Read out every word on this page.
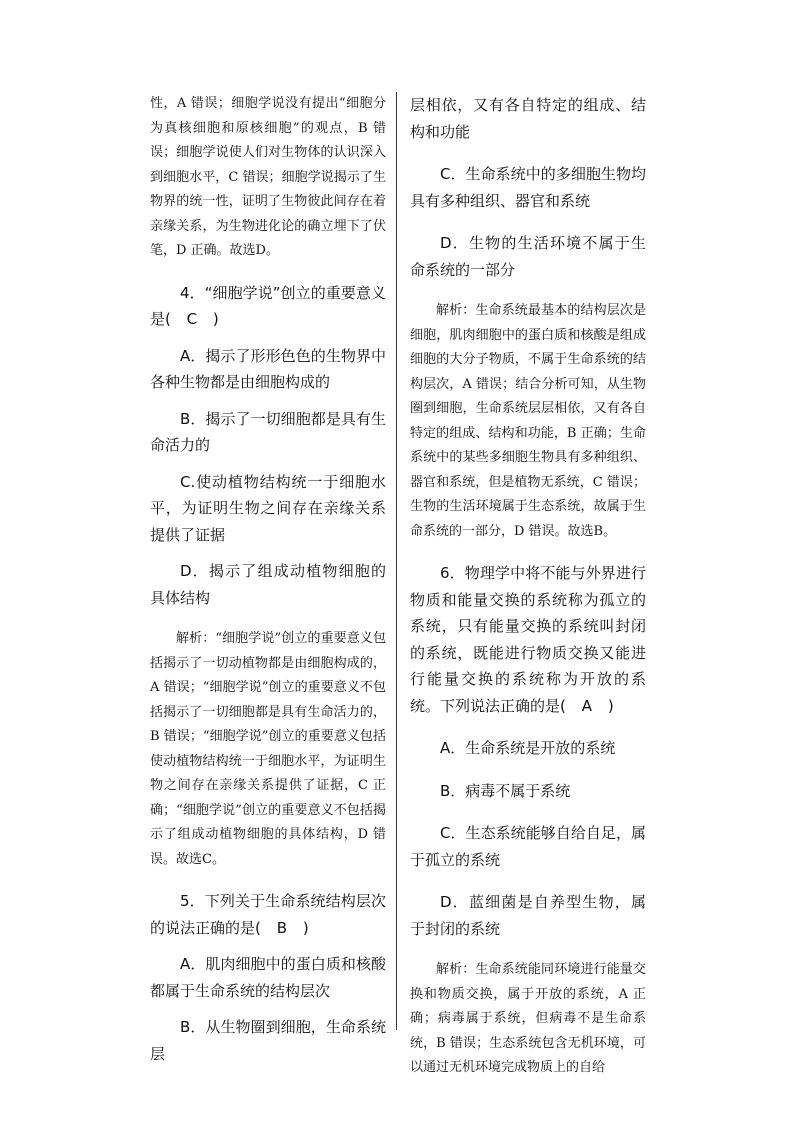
性，A 错误；细胞学说没有提出“细胞分为真核细胞和原核细胞”的观点，B 错误；细胞学说使人们对生物体的认识深入到细胞水平，C 错误；细胞学说揭示了生物界的统一性，证明了生物彼此间存在着亲缘关系，为生物进化论的确立埋下了伏笔，D 正确。故选D。

4．“细胞学说”创立的重要意义是( C )

A．揭示了形形色色的生物界中各种生物都是由细胞构成的

B．揭示了一切细胞都是具有生命活力的

C.使动植物结构统一于细胞水平，为证明生物之间存在亲缘关系提供了证据

D．揭示了组成动植物细胞的具体结构

解析：“细胞学说”创立的重要意义包括揭示了一切动植物都是由细胞构成的，A 错误；“细胞学说”创立的重要意义不包括揭示了一切细胞都是具有生命活力的，B 错误；“细胞学说”创立的重要意义包括使动植物结构统一于细胞水平，为证明生物之间存在亲缘关系提供了证据，C 正确；“细胞学说”创立的重要意义不包括揭示了组成动植物细胞的具体结构，D 错误。故选C。

5．下列关于生命系统结构层次的说法正确的是( B )

A．肌肉细胞中的蛋白质和核酸都属于生命系统的结构层次

B．从生物圈到细胞，生命系统层

层相依，又有各自特定的组成、结构和功能

C．生命系统中的多细胞生物均具有多种组织、器官和系统

D．生物的生活环境不属于生命系统的一部分

解析：生命系统最基本的结构层次是细胞，肌肉细胞中的蛋白质和核酸是组成细胞的大分子物质，不属于生命系统的结构层次，A 错误；结合分析可知，从生物圈到细胞，生命系统层层相依，又有各自特定的组成、结构和功能，B 正确；生命系统中的某些多细胞生物具有多种组织、器官和系统，但是植物无系统，C 错误；生物的生活环境属于生态系统，故属于生命系统的一部分，D 错误。故选B。

6．物理学中将不能与外界进行物质和能量交换的系统称为孤立的系统，只有能量交换的系统叫封闭的系统，既能进行物质交换又能进行能量交换的系统称为开放的系统。下列说法正确的是( A )

A．生命系统是开放的系统

B．病毒不属于系统

C．生态系统能够自给自足，属于孤立的系统

D．蓝细菌是自养型生物，属于封闭的系统

解析：生命系统能同环境进行能量交换和物质交换，属于开放的系统，A 正确；病毒属于系统，但病毒不是生命系统，B 错误；生态系统包含无机环境，可以通过无机环境完成物质上的自给
